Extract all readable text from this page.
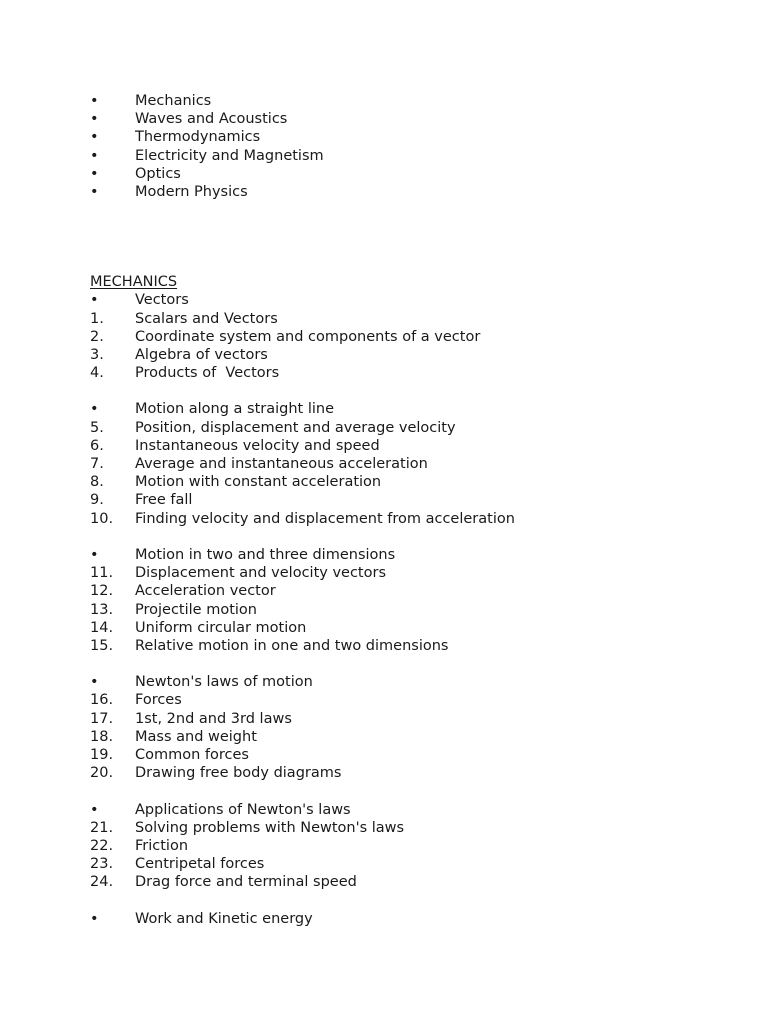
•	Mechanics
•	Waves and Acoustics
•	Thermodynamics
•	Electricity and Magnetism
•	Optics
•	Modern Physics
MECHANICS
•	Vectors
1.	Scalars and Vectors
2.	Coordinate system and components of a vector
3.	Algebra of vectors
4.	Products of  Vectors
•	Motion along a straight line
5.	Position, displacement and average velocity
6.	Instantaneous velocity and speed
7.	Average and instantaneous acceleration
8.	Motion with constant acceleration
9.	Free fall
10.	Finding velocity and displacement from acceleration
•	Motion in two and three dimensions
11.	Displacement and velocity vectors
12.	Acceleration vector
13.	Projectile motion
14.	Uniform circular motion
15.	Relative motion in one and two dimensions
•	Newton's laws of motion
16.	Forces
17.	1st, 2nd and 3rd laws
18.	Mass and weight
19.	Common forces
20.	Drawing free body diagrams
•	Applications of Newton's laws
21.	Solving problems with Newton's laws
22.	Friction
23.	Centripetal forces
24.	Drag force and terminal speed
•	Work and Kinetic energy
